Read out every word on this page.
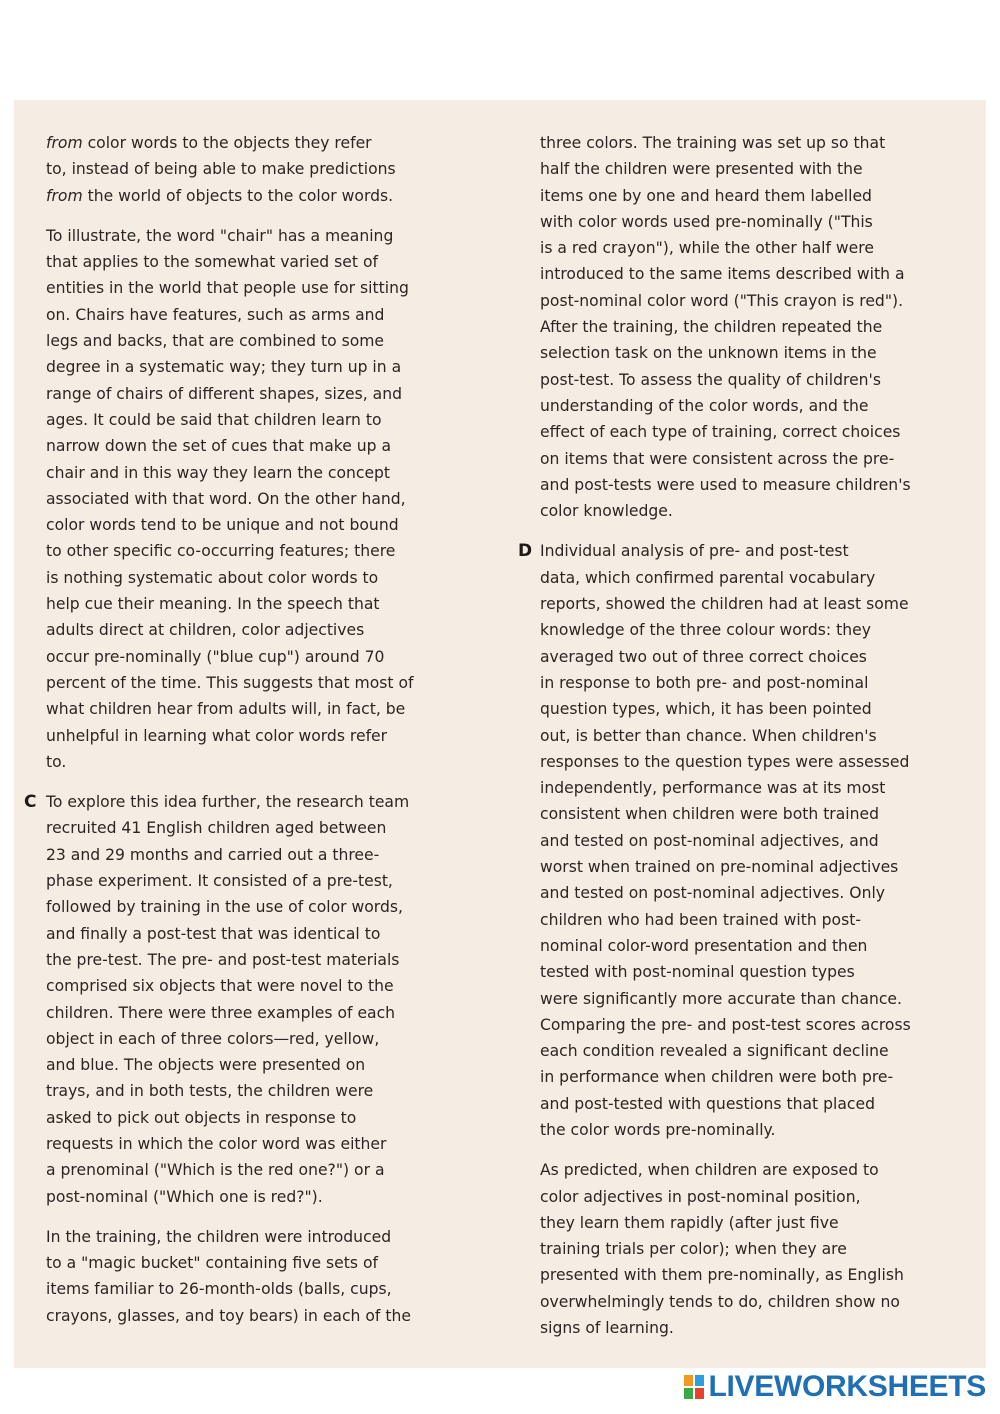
from color words to the objects they refer
to, instead of being able to make predictions
from the world of objects to the color words.
To illustrate, the word "chair" has a meaning
that applies to the somewhat varied set of
entities in the world that people use for sitting
on. Chairs have features, such as arms and
legs and backs, that are combined to some
degree in a systematic way; they turn up in a
range of chairs of different shapes, sizes, and
ages. It could be said that children learn to
narrow down the set of cues that make up a
chair and in this way they learn the concept
associated with that word. On the other hand,
color words tend to be unique and not bound
to other specific co-occurring features; there
is nothing systematic about color words to
help cue their meaning. In the speech that
adults direct at children, color adjectives
occur pre-nominally ("blue cup") around 70
percent of the time. This suggests that most of
what children hear from adults will, in fact, be
unhelpful in learning what color words refer
to.
C To explore this idea further, the research team
recruited 41 English children aged between
23 and 29 months and carried out a three-
phase experiment. It consisted of a pre-test,
followed by training in the use of color words,
and finally a post-test that was identical to
the pre-test. The pre- and post-test materials
comprised six objects that were novel to the
children. There were three examples of each
object in each of three colors—red, yellow,
and blue. The objects were presented on
trays, and in both tests, the children were
asked to pick out objects in response to
requests in which the color word was either
a prenominal ("Which is the red one?") or a
post-nominal ("Which one is red?").
In the training, the children were introduced
to a "magic bucket" containing five sets of
items familiar to 26-month-olds (balls, cups,
crayons, glasses, and toy bears) in each of the
three colors. The training was set up so that
half the children were presented with the
items one by one and heard them labelled
with color words used pre-nominally ("This
is a red crayon"), while the other half were
introduced to the same items described with a
post-nominal color word ("This crayon is red").
After the training, the children repeated the
selection task on the unknown items in the
post-test. To assess the quality of children's
understanding of the color words, and the
effect of each type of training, correct choices
on items that were consistent across the pre-
and post-tests were used to measure children's
color knowledge.
D Individual analysis of pre- and post-test
data, which confirmed parental vocabulary
reports, showed the children had at least some
knowledge of the three colour words: they
averaged two out of three correct choices
in response to both pre- and post-nominal
question types, which, it has been pointed
out, is better than chance. When children's
responses to the question types were assessed
independently, performance was at its most
consistent when children were both trained
and tested on post-nominal adjectives, and
worst when trained on pre-nominal adjectives
and tested on post-nominal adjectives. Only
children who had been trained with post-
nominal color-word presentation and then
tested with post-nominal question types
were significantly more accurate than chance.
Comparing the pre- and post-test scores across
each condition revealed a significant decline
in performance when children were both pre-
and post-tested with questions that placed
the color words pre-nominally.
As predicted, when children are exposed to
color adjectives in post-nominal position,
they learn them rapidly (after just five
training trials per color); when they are
presented with them pre-nominally, as English
overwhelmingly tends to do, children show no
signs of learning.
LIVEWORKSHEETS
